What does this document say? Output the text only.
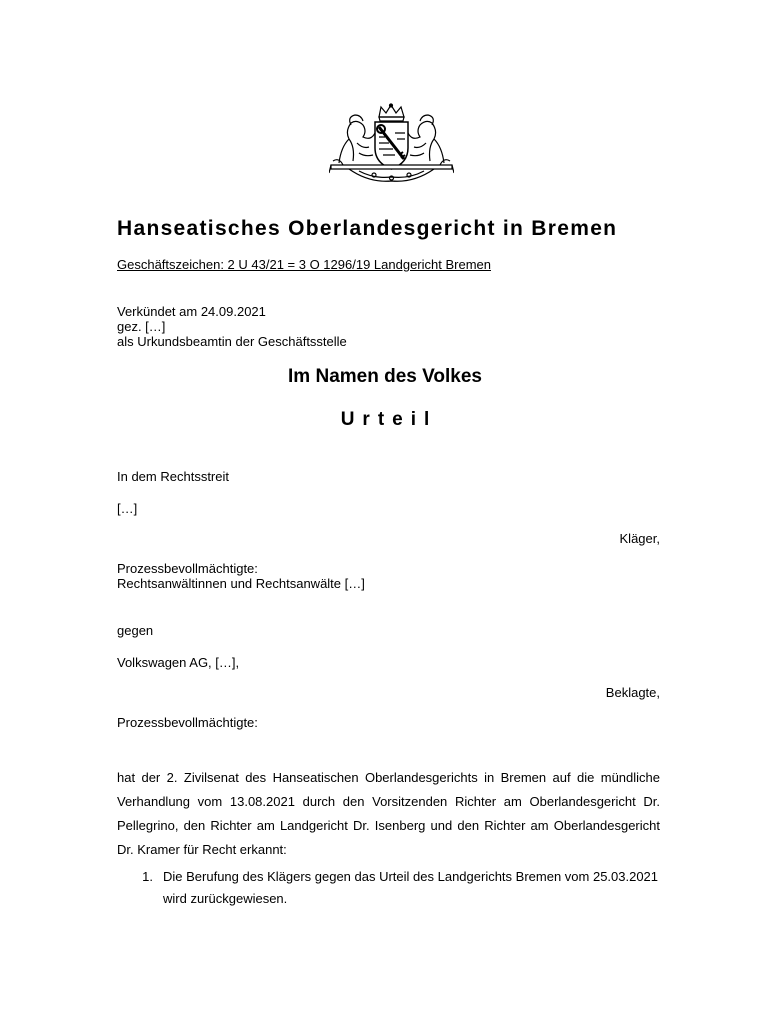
Hanseatisches Oberlandesgericht in Bremen
Geschäftszeichen: 2 U 43/21 = 3 O 1296/19 Landgericht Bremen
Verkündet am 24.09.2021
gez. […]
als Urkundsbeamtin der Geschäftsstelle
Im Namen des Volkes
Urteil
In dem Rechtsstreit
[…]
Kläger,
Prozessbevollmächtigte:
Rechtsanwältinnen und Rechtsanwälte […]
gegen
Volkswagen AG, […],
Beklagte,
Prozessbevollmächtigte:

hat der 2. Zivilsenat des Hanseatischen Oberlandesgerichts in Bremen auf die mündliche Verhandlung vom 13.08.2021 durch den Vorsitzenden Richter am Oberlandesgericht Dr. Pellegrino, den Richter am Landgericht Dr. Isenberg und den Richter am Oberlandesgericht Dr. Kramer für Recht erkannt:

1. Die Berufung des Klägers gegen das Urteil des Landgerichts Bremen vom 25.03.2021 wird zurückgewiesen.
